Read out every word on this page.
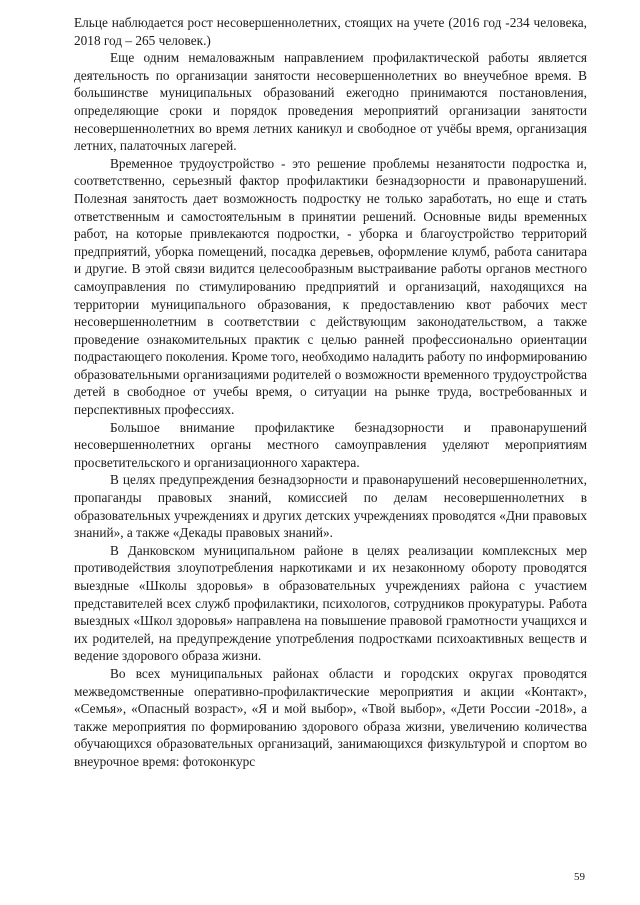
Ельце наблюдается рост несовершеннолетних, стоящих на учете (2016 год -234 человека, 2018 год – 265 человек.)

Еще одним немаловажным направлением профилактической работы является деятельность по организации занятости несовершеннолетних во внеучебное время. В большинстве муниципальных образований ежегодно принимаются постановления, определяющие сроки и порядок проведения мероприятий организации занятости несовершеннолетних во время летних каникул и свободное от учёбы время, организация летних, палаточных лагерей.

Временное трудоустройство - это решение проблемы незанятости подростка и, соответственно, серьезный фактор профилактики безнадзорности и правонарушений. Полезная занятость дает возможность подростку не только заработать, но еще и стать ответственным и самостоятельным в принятии решений. Основные виды временных работ, на которые привлекаются подростки, - уборка и благоустройство территорий предприятий, уборка помещений, посадка деревьев, оформление клумб, работа санитара и другие. В этой связи видится целесообразным выстраивание работы органов местного самоуправления по стимулированию предприятий и организаций, находящихся на территории муниципального образования, к предоставлению квот рабочих мест несовершеннолетним в соответствии с действующим законодательством, а также проведение ознакомительных практик с целью ранней профессионально ориентации подрастающего поколения. Кроме того, необходимо наладить работу по информированию образовательными организациями родителей о возможности временного трудоустройства детей в свободное от учебы время, о ситуации на рынке труда, востребованных и перспективных профессиях.

Большое внимание профилактике безнадзорности и правонарушений несовершеннолетних органы местного самоуправления уделяют мероприятиям просветительского и организационного характера.

В целях предупреждения безнадзорности и правонарушений несовершеннолетних, пропаганды правовых знаний, комиссией по делам несовершеннолетних в образовательных учреждениях и других детских учреждениях проводятся «Дни правовых знаний», а также «Декады правовых знаний».

В Данковском муниципальном районе в целях реализации комплексных мер противодействия злоупотребления наркотиками и их незаконному обороту проводятся выездные «Школы здоровья» в образовательных учреждениях района с участием представителей всех служб профилактики, психологов, сотрудников прокуратуры. Работа выездных «Школ здоровья» направлена на повышение правовой грамотности учащихся и их родителей, на предупреждение употребления подростками психоактивных веществ и ведение здорового образа жизни.

Во всех муниципальных районах области и городских округах проводятся межведомственные оперативно-профилактические мероприятия и акции «Контакт», «Семья», «Опасный возраст», «Я и мой выбор», «Твой выбор», «Дети России -2018», а также мероприятия по формированию здорового образа жизни, увеличению количества обучающихся образовательных организаций, занимающихся физкультурой и спортом во внеурочное время: фотоконкурс

59
